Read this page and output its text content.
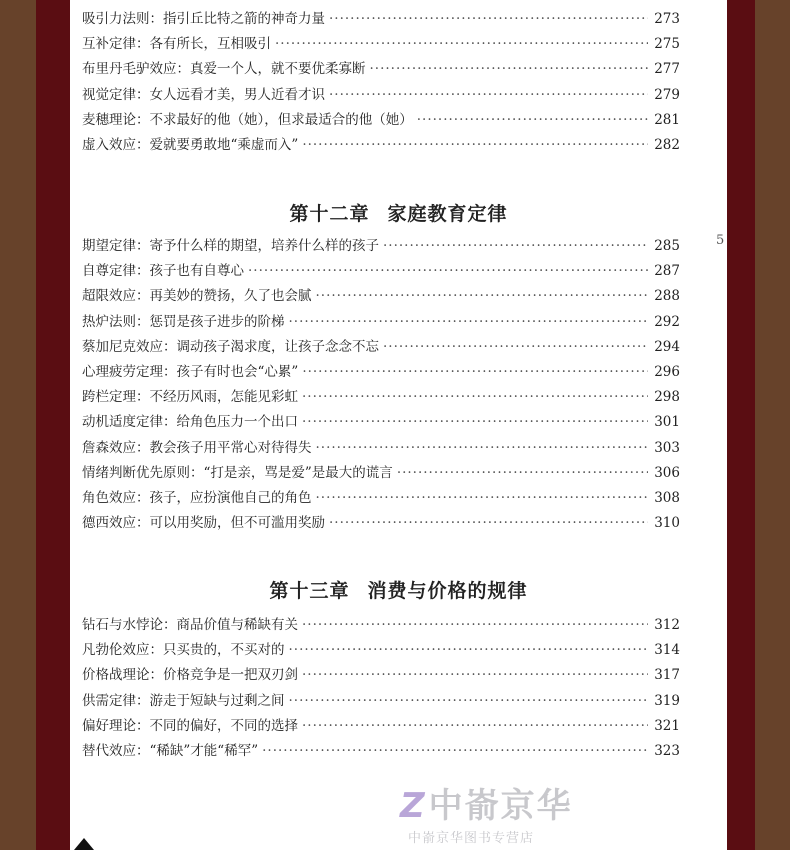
5
吸引力法则：指引丘比特之箭的神奇力量 ·····	273
互补定律：各有所长，互相吸引 ·····	275
布里丹毛驴效应：真爱一个人，就不要优柔寡断 ·····	277
视觉定律：女人远看才美，男人近看才识 ·····	279
麦穗理论：不求最好的他（她），但求最适合的他（她） ·····	281
虚入效应：爱就要勇敢地“乘虚而入” ·····	282
第十二章 家庭教育定律
期望定律：寄予什么样的期望，培养什么样的孩子 ·····	285
自尊定律：孩子也有自尊心 ·····	287
超限效应：再美妙的赞扬，久了也会腻 ·····	288
热炉法则：惩罚是孩子进步的阶梯 ·····	292
蔡加尼克效应：调动孩子渴求度，让孩子念念不忘 ·····	294
心理疲劳定理：孩子有时也会“心累” ·····	296
跨栏定理：不经历风雨，怎能见彩虹 ·····	298
动机适度定律：给角色压力一个出口 ·····	301
詹森效应：教会孩子用平常心对待得失 ·····	303
情绪判断优先原则：“打是亲，骂是爱”是最大的谎言 ·····	306
角色效应：孩子，应扮演他自己的角色 ·····	308
德西效应：可以用奖励，但不可滥用奖励 ·····	310
第十三章 消费与价格的规律
钻石与水悖论：商品价值与稀缺有关 ·····	312
凡勃伦效应：只买贵的，不买对的 ·····	314
价格战理论：价格竞争是一把双刃剑 ·····	317
供需定律：游走于短缺与过剩之间 ·····	319
偏好理论：不同的偏好，不同的选择 ·····	321
替代效应：“稀缺”才能“稀罕” ·····	323
Z中嵛京华
中嵛京华图书专营店
